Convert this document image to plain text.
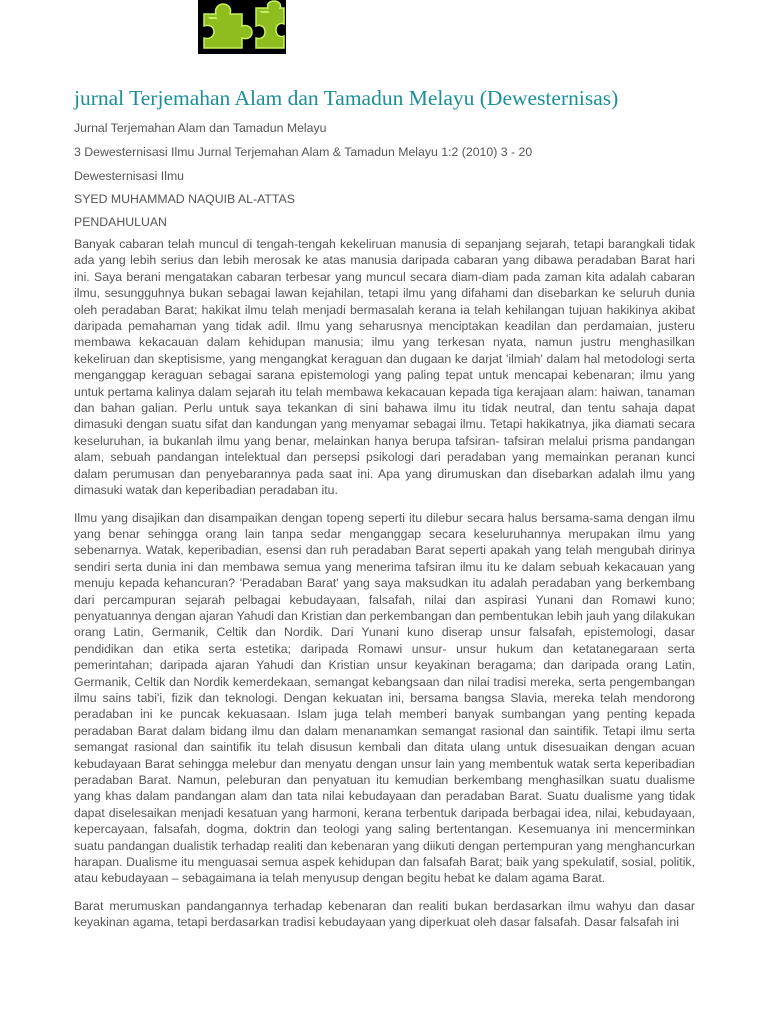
jurnal Terjemahan Alam dan Tamadun Melayu (Dewesternisas)
Jurnal Terjemahan Alam dan Tamadun Melayu
3 Dewesternisasi Ilmu Jurnal Terjemahan Alam & Tamadun Melayu 1:2 (2010) 3 - 20
Dewesternisasi Ilmu
SYED MUHAMMAD NAQUIB AL-ATTAS
PENDAHULUAN

Banyak cabaran telah muncul di tengah-tengah kekeliruan manusia di sepanjang sejarah, tetapi barangkali tidak ada yang lebih serius dan lebih merosak ke atas manusia daripada cabaran yang dibawa peradaban Barat hari ini. Saya berani mengatakan cabaran terbesar yang muncul secara diam-diam pada zaman kita adalah cabaran ilmu, sesungguhnya bukan sebagai lawan kejahilan, tetapi ilmu yang difahami dan disebarkan ke seluruh dunia oleh peradaban Barat; hakikat ilmu telah menjadi bermasalah kerana ia telah kehilangan tujuan hakikinya akibat daripada pemahaman yang tidak adil. Ilmu yang seharusnya menciptakan keadilan dan perdamaian, justeru membawa kekacauan dalam kehidupan manusia; ilmu yang terkesan nyata, namun justru menghasilkan kekeliruan dan skeptisisme, yang mengangkat keraguan dan dugaan ke darjat 'ilmiah' dalam hal metodologi serta menganggap keraguan sebagai sarana epistemologi yang paling tepat untuk mencapai kebenaran; ilmu yang untuk pertama kalinya dalam sejarah itu telah membawa kekacauan kepada tiga kerajaan alam: haiwan, tanaman dan bahan galian. Perlu untuk saya tekankan di sini bahawa ilmu itu tidak neutral, dan tentu sahaja dapat dimasuki dengan suatu sifat dan kandungan yang menyamar sebagai ilmu. Tetapi hakikatnya, jika diamati secara keseluruhan, ia bukanlah ilmu yang benar, melainkan hanya berupa tafsiran- tafsiran melalui prisma pandangan alam, sebuah pandangan intelektual dan persepsi psikologi dari peradaban yang memainkan peranan kunci dalam perumusan dan penyebarannya pada saat ini. Apa yang dirumuskan dan disebarkan adalah ilmu yang dimasuki watak dan keperibadian peradaban itu.

Ilmu yang disajikan dan disampaikan dengan topeng seperti itu dilebur secara halus bersama-sama dengan ilmu yang benar sehingga orang lain tanpa sedar menganggap secara keseluruhannya merupakan ilmu yang sebenarnya. Watak, keperibadian, esensi dan ruh peradaban Barat seperti apakah yang telah mengubah dirinya sendiri serta dunia ini dan membawa semua yang menerima tafsiran ilmu itu ke dalam sebuah kekacauan yang menuju kepada kehancuran? 'Peradaban Barat' yang saya maksudkan itu adalah peradaban yang berkembang dari percampuran sejarah pelbagai kebudayaan, falsafah, nilai dan aspirasi Yunani dan Romawi kuno; penyatuannya dengan ajaran Yahudi dan Kristian dan perkembangan dan pembentukan lebih jauh yang dilakukan orang Latin, Germanik, Celtik dan Nordik. Dari Yunani kuno diserap unsur falsafah, epistemologi, dasar pendidikan dan etika serta estetika; daripada Romawi unsur- unsur hukum dan ketatanegaraan serta pemerintahan; daripada ajaran Yahudi dan Kristian unsur keyakinan beragama; dan daripada orang Latin, Germanik, Celtik dan Nordik kemerdekaan, semangat kebangsaan dan nilai tradisi mereka, serta pengembangan ilmu sains tabi'i, fizik dan teknologi. Dengan kekuatan ini, bersama bangsa Slavia, mereka telah mendorong peradaban ini ke puncak kekuasaan. Islam juga telah memberi banyak sumbangan yang penting kepada peradaban Barat dalam bidang ilmu dan dalam menanamkan semangat rasional dan saintifik. Tetapi ilmu serta semangat rasional dan saintifik itu telah disusun kembali dan ditata ulang untuk disesuaikan dengan acuan kebudayaan Barat sehingga melebur dan menyatu dengan unsur lain yang membentuk watak serta keperibadian peradaban Barat. Namun, peleburan dan penyatuan itu kemudian berkembang menghasilkan suatu dualisme yang khas dalam pandangan alam dan tata nilai kebudayaan dan peradaban Barat. Suatu dualisme yang tidak dapat diselesaikan menjadi kesatuan yang harmoni, kerana terbentuk daripada berbagai idea, nilai, kebudayaan, kepercayaan, falsafah, dogma, doktrin dan teologi yang saling bertentangan. Kesemuanya ini mencerminkan suatu pandangan dualistik terhadap realiti dan kebenaran yang diikuti dengan pertempuran yang menghancurkan harapan. Dualisme itu menguasai semua aspek kehidupan dan falsafah Barat; baik yang spekulatif, sosial, politik, atau kebudayaan – sebagaimana ia telah menyusup dengan begitu hebat ke dalam agama Barat.

Barat merumuskan pandangannya terhadap kebenaran dan realiti bukan berdasarkan ilmu wahyu dan dasar keyakinan agama, tetapi berdasarkan tradisi kebudayaan yang diperkuat oleh dasar falsafah. Dasar falsafah ini
